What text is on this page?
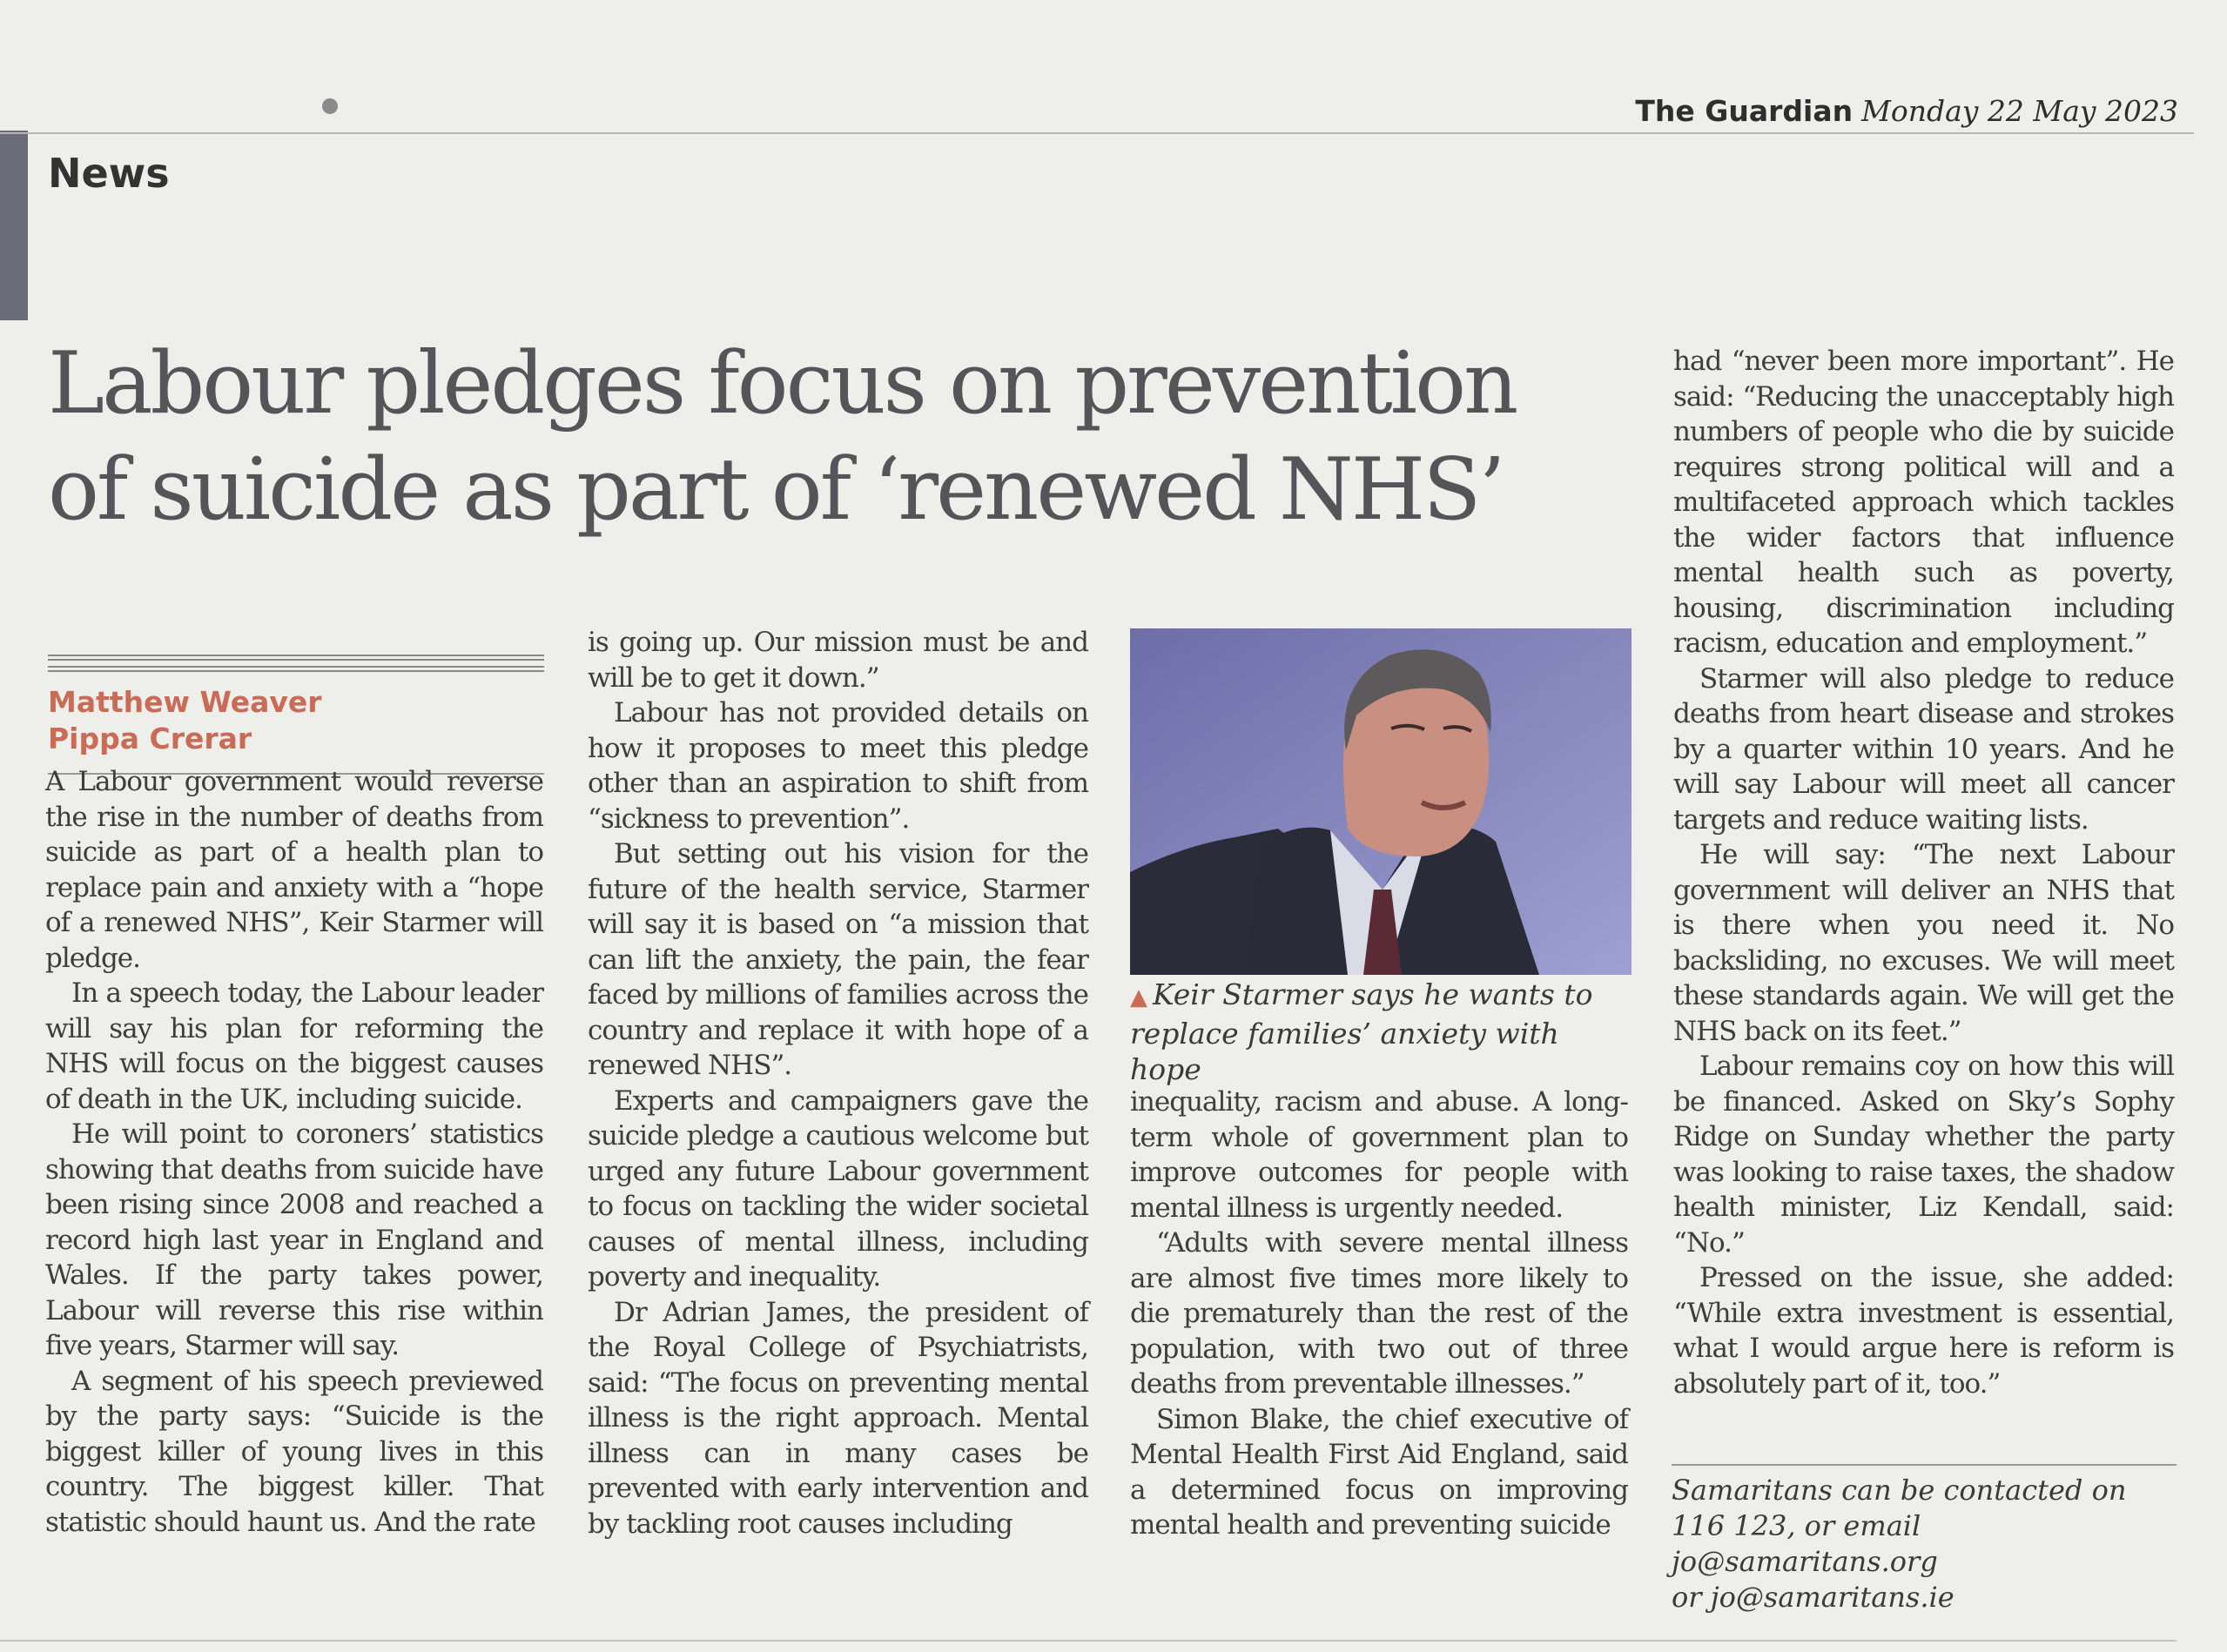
The Guardian Monday 22 May 2023
News
Labour pledges focus on prevention
of suicide as part of ‘renewed NHS’
Matthew Weaver
Pippa Crerar

A Labour government would reverse the rise in the number of deaths from suicide as part of a health plan to replace pain and anxiety with a “hope of a renewed NHS”, Keir Starmer will pledge.

In a speech today, the Labour leader will say his plan for reforming the NHS will focus on the biggest causes of death in the UK, including suicide.

He will point to coroners’ statistics showing that deaths from suicide have been rising since 2008 and reached a record high last year in England and Wales. If the party takes power, Labour will reverse this rise within five years, Starmer will say.

A segment of his speech previewed by the party says: “Suicide is the biggest killer of young lives in this country. The biggest killer. That statistic should haunt us. And the rate

is going up. Our mission must be and will be to get it down.”

Labour has not provided details on how it proposes to meet this pledge other than an aspiration to shift from “sickness to prevention”.

But setting out his vision for the future of the health service, Starmer will say it is based on “a mission that can lift the anxiety, the pain, the fear faced by millions of families across the country and replace it with hope of a renewed NHS”.

Experts and campaigners gave the suicide pledge a cautious welcome but urged any future Labour government to focus on tackling the wider societal causes of mental illness, including poverty and inequality.

Dr Adrian James, the president of the Royal College of Psychiatrists, said: “The focus on preventing mental illness is the right approach. Mental illness can in many cases be prevented with early intervention and by tackling root causes including

▲ Keir Starmer says he wants to
replace families’ anxiety with hope

inequality, racism and abuse. A long-term whole of government plan to improve outcomes for people with mental illness is urgently needed.

“Adults with severe mental illness are almost five times more likely to die prematurely than the rest of the population, with two out of three deaths from preventable illnesses.”

Simon Blake, the chief executive of Mental Health First Aid England, said a determined focus on improving mental health and preventing suicide

had “never been more important”. He said: “Reducing the unacceptably high numbers of people who die by suicide requires strong political will and a multifaceted approach which tackles the wider factors that influence mental health such as poverty, housing, discrimination including racism, education and employment.”

Starmer will also pledge to reduce deaths from heart disease and strokes by a quarter within 10 years. And he will say Labour will meet all cancer targets and reduce waiting lists.

He will say: “The next Labour government will deliver an NHS that is there when you need it. No backsliding, no excuses. We will meet these standards again. We will get the NHS back on its feet.”

Labour remains coy on how this will be financed. Asked on Sky’s Sophy Ridge on Sunday whether the party was looking to raise taxes, the shadow health minister, Liz Kendall, said: “No.”

Pressed on the issue, she added: “While extra investment is essential, what I would argue here is reform is absolutely part of it, too.”

Samaritans can be contacted on
116 123, or email jo@samaritans.org
or jo@samaritans.ie
